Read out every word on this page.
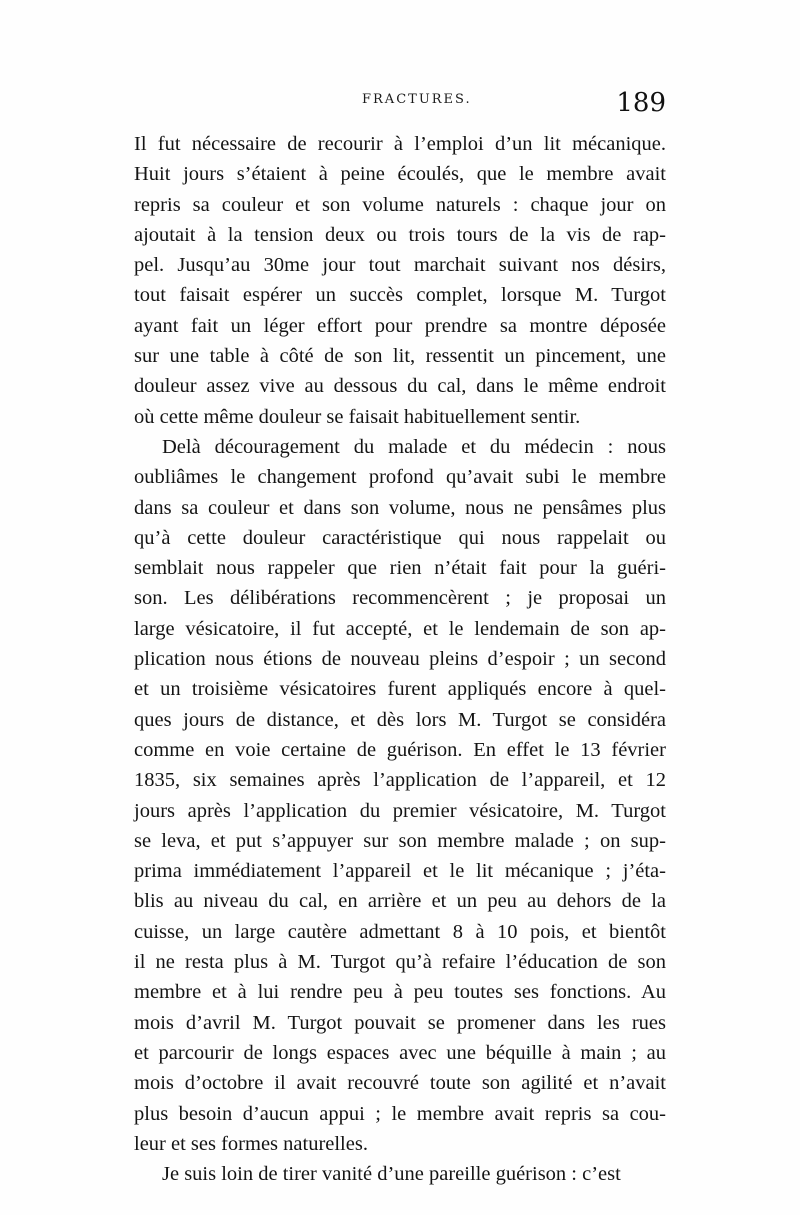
FRACTURES.	189
Il fut nécessaire de recourir à l’emploi d’un lit mécanique.
Huit jours s’étaient à peine écoulés, que le membre avait
repris sa couleur et son volume naturels : chaque jour on
ajoutait à la tension deux ou trois tours de la vis de rap-
pel. Jusqu’au 30me jour tout marchait suivant nos désirs,
tout faisait espérer un succès complet, lorsque M. Turgot
ayant fait un léger effort pour prendre sa montre déposée
sur une table à côté de son lit, ressentit un pincement, une
douleur assez vive au dessous du cal, dans le même endroit
où cette même douleur se faisait habituellement sentir.
Delà découragement du malade et du médecin : nous
oubliâmes le changement profond qu’avait subi le membre
dans sa couleur et dans son volume, nous ne pensâmes plus
qu’à cette douleur caractéristique qui nous rappelait ou
semblait nous rappeler que rien n’était fait pour la guéri-
son. Les délibérations recommencèrent ; je proposai un
large vésicatoire, il fut accepté, et le lendemain de son ap-
plication nous étions de nouveau pleins d’espoir ; un second
et un troisième vésicatoires furent appliqués encore à quel-
ques jours de distance, et dès lors M. Turgot se considéra
comme en voie certaine de guérison. En effet le 13 février
1835, six semaines après l’application de l’appareil, et 12
jours après l’application du premier vésicatoire, M. Turgot
se leva, et put s’appuyer sur son membre malade ; on sup-
prima immédiatement l’appareil et le lit mécanique ; j’éta-
blis au niveau du cal, en arrière et un peu au dehors de la
cuisse, un large cautère admettant 8 à 10 pois, et bientôt
il ne resta plus à M. Turgot qu’à refaire l’éducation de son
membre et à lui rendre peu à peu toutes ses fonctions. Au
mois d’avril M. Turgot pouvait se promener dans les rues
et parcourir de longs espaces avec une béquille à main ; au
mois d’octobre il avait recouvré toute son agilité et n’avait
plus besoin d’aucun appui ; le membre avait repris sa cou-
leur et ses formes naturelles.
Je suis loin de tirer vanité d’une pareille guérison : c’est
